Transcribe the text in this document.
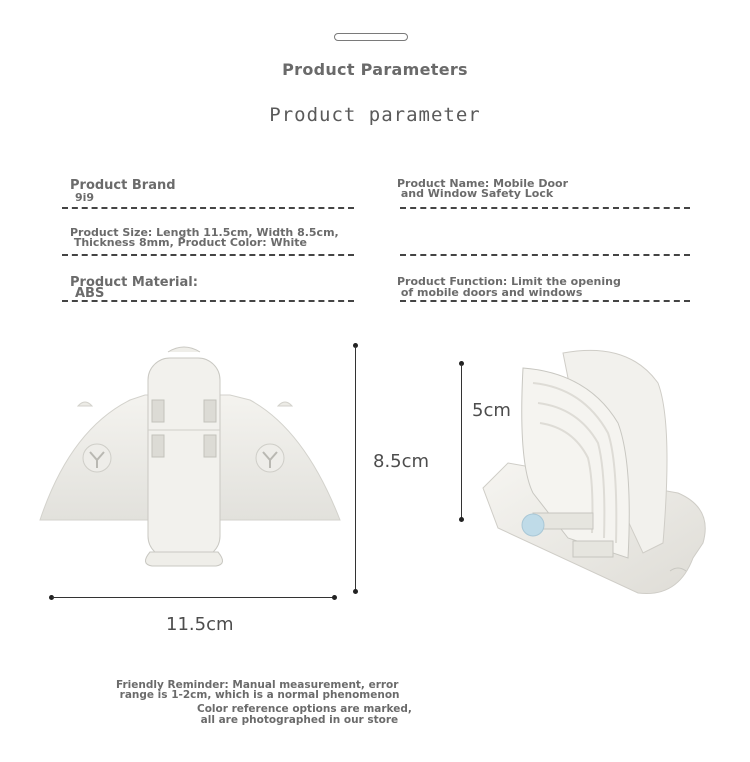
Product Parameters
Product parameter
Product Brand
9i9
Product Name: Mobile Door
and Window Safety Lock
Product Size: Length 11.5cm, Width 8.5cm,
Thickness 8mm, Product Color: White
Product Material:
ABS
Product Function: Limit the opening
of mobile doors and windows
8.5cm
11.5cm
5cm
Friendly Reminder: Manual measurement, error
range is 1-2cm, which is a normal phenomenon
Color reference options are marked,
all are photographed in our store
